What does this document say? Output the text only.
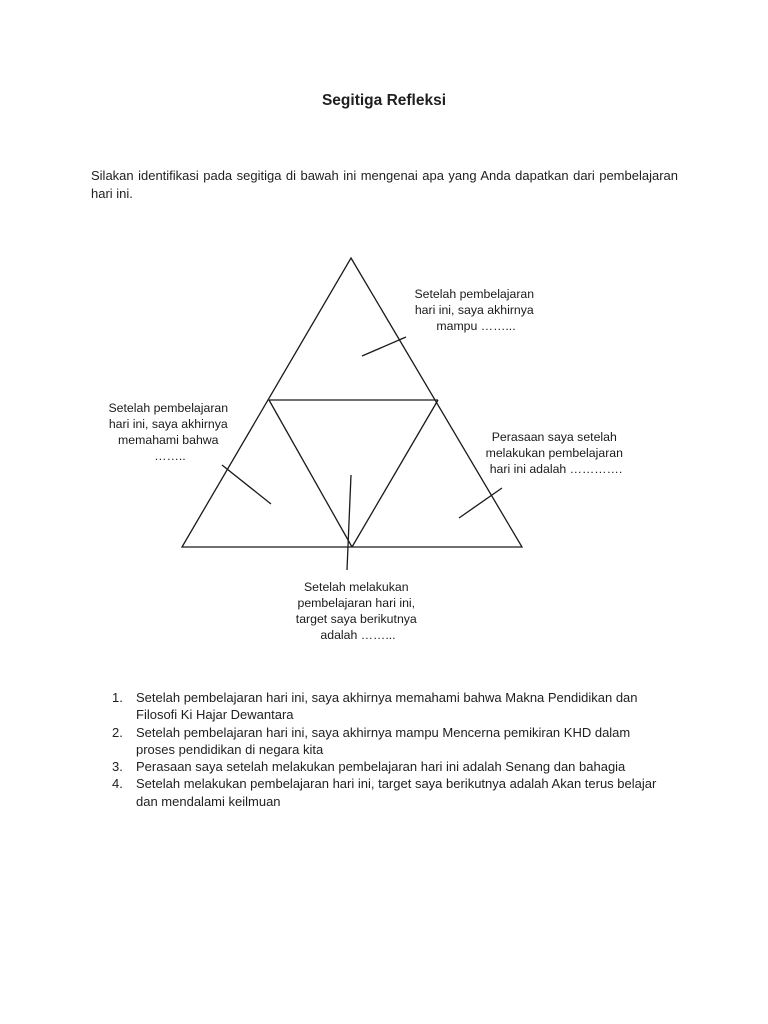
Segitiga Refleksi

Silakan identifikasi pada segitiga di bawah ini mengenai apa yang Anda dapatkan dari pembelajaran hari ini.

Setelah pembelajaran hari ini, saya akhirnya mampu ……...
Setelah pembelajaran hari ini, saya akhirnya memahami bahwa ……..
Perasaan saya setelah melakukan pembelajaran hari ini adalah ………….
Setelah melakukan pembelajaran hari ini, target saya berikutnya adalah ……...
1. Setelah pembelajaran hari ini, saya akhirnya memahami bahwa Makna Pendidikan dan Filosofi Ki Hajar Dewantara
2. Setelah pembelajaran hari ini, saya akhirnya mampu Mencerna pemikiran KHD dalam proses pendidikan di negara kita
3. Perasaan saya setelah melakukan pembelajaran hari ini adalah Senang dan bahagia
4. Setelah melakukan pembelajaran hari ini, target saya berikutnya adalah Akan terus belajar dan mendalami keilmuan
